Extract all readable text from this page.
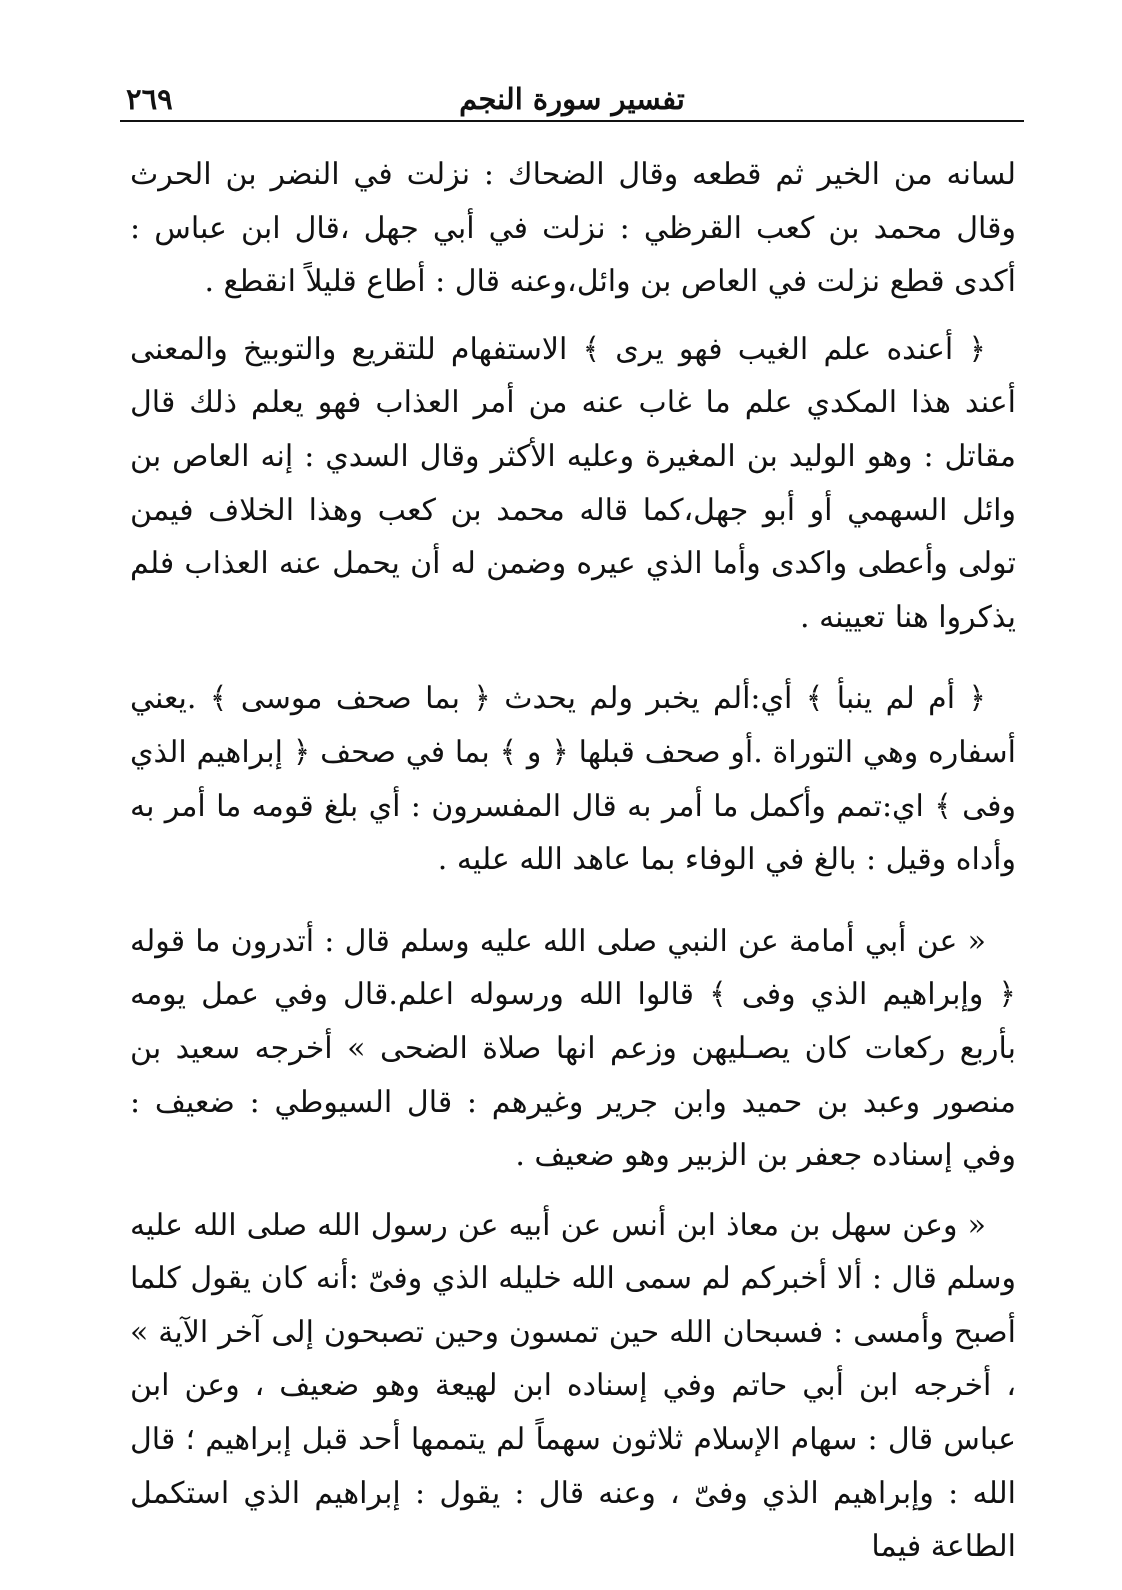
تفسير سورة النجم
٢٦٩

لسانه من الخير ثم قطعه وقال الضحاك : نزلت في النضر بن الحرث وقال محمد بن كعب القرظي : نزلت في أبي جهل ،قال ابن عباس : أكدى قطع نزلت في العاص بن وائل،وعنه قال : أطاع قليلاً انقطع .

﴿ أعنده علم الغيب فهو يرى ﴾ الاستفهام للتقريع والتوبيخ والمعنى أعند هذا المكدي علم ما غاب عنه من أمر العذاب فهو يعلم ذلك قال مقاتل : وهو الوليد بن المغيرة وعليه الأكثر وقال السدي : إنه العاص بن وائل السهمي أو أبو جهل،كما قاله محمد بن كعب وهذا الخلاف فيمن تولى وأعطى واكدى وأما الذي عيره وضمن له أن يحمل عنه العذاب فلم يذكروا هنا تعيينه .

﴿ أم لم ينبأ ﴾ أي:ألم يخبر ولم يحدث ﴿ بما صحف موسى ﴾ .يعني أسفاره وهي التوراة .أو صحف قبلها ﴿ و ﴾ بما في صحف ﴿ إبراهيم الذي وفى ﴾ اي:تمم وأكمل ما أمر به قال المفسرون : أي بلغ قومه ما أمر به وأداه وقيل : بالغ في الوفاء بما عاهد الله عليه .

« عن أبي أمامة عن النبي صلى الله عليه وسلم قال : أتدرون ما قوله ﴿ وإبراهيم الذي وفى ﴾ قالوا الله ورسوله اعلم.قال وفي عمل يومه بأربع ركعات كان يصـليهن وزعم انها صلاة الضحى » أخرجه سعيد بن منصور وعبد بن حميد وابن جرير وغيرهم : قال السيوطي : ضعيف : وفي إسناده جعفر بن الزبير وهو ضعيف .

« وعن سهل بن معاذ ابن أنس عن أبيه عن رسول الله صلى الله عليه وسلم قال : ألا أخبركم لم سمى الله خليله الذي وفىّ :أنه كان يقول كلما أصبح وأمسى : فسبحان الله حين تمسون وحين تصبحون إلى آخر الآية » ، أخرجه ابن أبي حاتم وفي إسناده ابن لهيعة وهو ضعيف ، وعن ابن عباس قال : سهام الإسلام ثلاثون سهماً لم يتممها أحد قبل إبراهيم ؛ قال الله : وإبراهيم الذي وفىّ ، وعنه قال : يقول : إبراهيم الذي استكمل الطاعة فيما
